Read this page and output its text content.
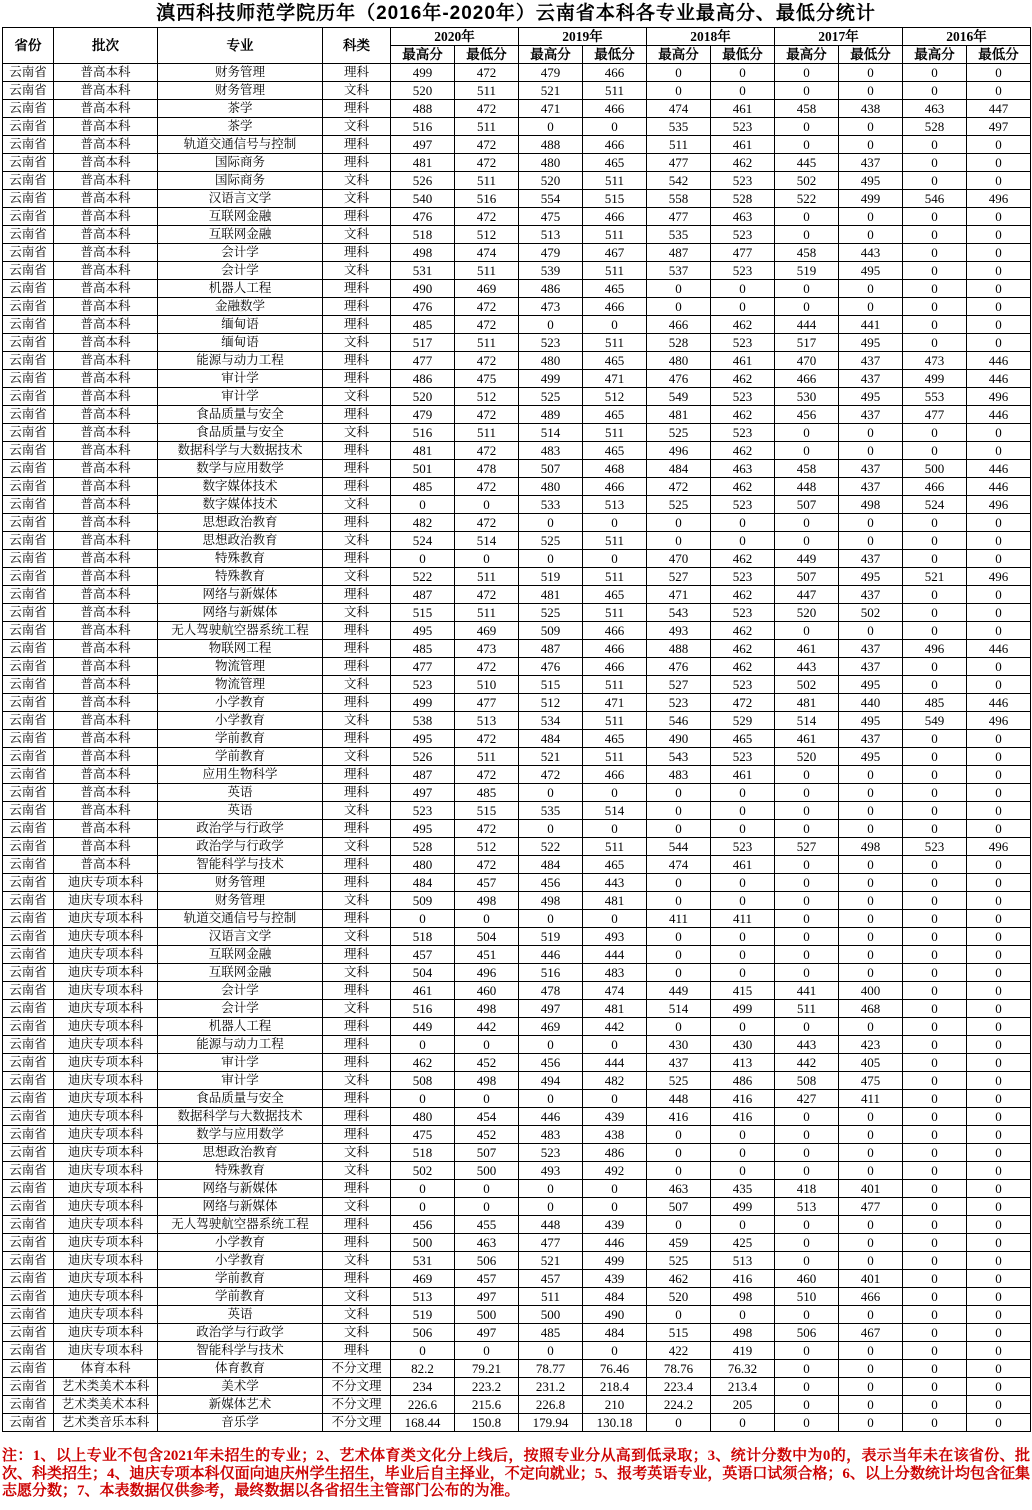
滇西科技师范学院历年（2016年-2020年）云南省本科各专业最高分、最低分统计
省份	批次	专业	科类	2020年		2019年		2018年		2017年		2016年	
				最高分	最低分	最高分	最低分	最高分	最低分	最高分	最低分	最高分	最低分
云南省	普高本科	财务管理	理科	499	472	479	466	0	0	0	0	0	0
云南省	普高本科	财务管理	文科	520	511	521	511	0	0	0	0	0	0
云南省	普高本科	茶学	理科	488	472	471	466	474	461	458	438	463	447
云南省	普高本科	茶学	文科	516	511	0	0	535	523	0	0	528	497
云南省	普高本科	轨道交通信号与控制	理科	497	472	488	466	511	461	0	0	0	0
云南省	普高本科	国际商务	理科	481	472	480	465	477	462	445	437	0	0
云南省	普高本科	国际商务	文科	526	511	520	511	542	523	502	495	0	0
云南省	普高本科	汉语言文学	文科	540	516	554	515	558	528	522	499	546	496
云南省	普高本科	互联网金融	理科	476	472	475	466	477	463	0	0	0	0
云南省	普高本科	互联网金融	文科	518	512	513	511	535	523	0	0	0	0
云南省	普高本科	会计学	理科	498	474	479	467	487	477	458	443	0	0
云南省	普高本科	会计学	文科	531	511	539	511	537	523	519	495	0	0
云南省	普高本科	机器人工程	理科	490	469	486	465	0	0	0	0	0	0
云南省	普高本科	金融数学	理科	476	472	473	466	0	0	0	0	0	0
云南省	普高本科	缅甸语	理科	485	472	0	0	466	462	444	441	0	0
云南省	普高本科	缅甸语	文科	517	511	523	511	528	523	517	495	0	0
云南省	普高本科	能源与动力工程	理科	477	472	480	465	480	461	470	437	473	446
云南省	普高本科	审计学	理科	486	475	499	471	476	462	466	437	499	446
云南省	普高本科	审计学	文科	520	512	525	512	549	523	530	495	553	496
云南省	普高本科	食品质量与安全	理科	479	472	489	465	481	462	456	437	477	446
云南省	普高本科	食品质量与安全	文科	516	511	514	511	525	523	0	0	0	0
云南省	普高本科	数据科学与大数据技术	理科	481	472	483	465	496	462	0	0	0	0
云南省	普高本科	数学与应用数学	理科	501	478	507	468	484	463	458	437	500	446
云南省	普高本科	数字媒体技术	理科	485	472	480	466	472	462	448	437	466	446
云南省	普高本科	数字媒体技术	文科	0	0	533	513	525	523	507	498	524	496
云南省	普高本科	思想政治教育	理科	482	472	0	0	0	0	0	0	0	0
云南省	普高本科	思想政治教育	文科	524	514	525	511	0	0	0	0	0	0
云南省	普高本科	特殊教育	理科	0	0	0	0	470	462	449	437	0	0
云南省	普高本科	特殊教育	文科	522	511	519	511	527	523	507	495	521	496
云南省	普高本科	网络与新媒体	理科	487	472	481	465	471	462	447	437	0	0
云南省	普高本科	网络与新媒体	文科	515	511	525	511	543	523	520	502	0	0
云南省	普高本科	无人驾驶航空器系统工程	理科	495	469	509	466	493	462	0	0	0	0
云南省	普高本科	物联网工程	理科	485	473	487	466	488	462	461	437	496	446
云南省	普高本科	物流管理	理科	477	472	476	466	476	462	443	437	0	0
云南省	普高本科	物流管理	文科	523	510	515	511	527	523	502	495	0	0
云南省	普高本科	小学教育	理科	499	477	512	471	523	472	481	440	485	446
云南省	普高本科	小学教育	文科	538	513	534	511	546	529	514	495	549	496
云南省	普高本科	学前教育	理科	495	472	484	465	490	465	461	437	0	0
云南省	普高本科	学前教育	文科	526	511	521	511	543	523	520	495	0	0
云南省	普高本科	应用生物科学	理科	487	472	472	466	483	461	0	0	0	0
云南省	普高本科	英语	理科	497	485	0	0	0	0	0	0	0	0
云南省	普高本科	英语	文科	523	515	535	514	0	0	0	0	0	0
云南省	普高本科	政治学与行政学	理科	495	472	0	0	0	0	0	0	0	0
云南省	普高本科	政治学与行政学	文科	528	512	522	511	544	523	527	498	523	496
云南省	普高本科	智能科学与技术	理科	480	472	484	465	474	461	0	0	0	0
云南省	迪庆专项本科	财务管理	理科	484	457	456	443	0	0	0	0	0	0
云南省	迪庆专项本科	财务管理	文科	509	498	498	481	0	0	0	0	0	0
云南省	迪庆专项本科	轨道交通信号与控制	理科	0	0	0	0	411	411	0	0	0	0
云南省	迪庆专项本科	汉语言文学	文科	518	504	519	493	0	0	0	0	0	0
云南省	迪庆专项本科	互联网金融	理科	457	451	446	444	0	0	0	0	0	0
云南省	迪庆专项本科	互联网金融	文科	504	496	516	483	0	0	0	0	0	0
云南省	迪庆专项本科	会计学	理科	461	460	478	474	449	415	441	400	0	0
云南省	迪庆专项本科	会计学	文科	516	498	497	481	514	499	511	468	0	0
云南省	迪庆专项本科	机器人工程	理科	449	442	469	442	0	0	0	0	0	0
云南省	迪庆专项本科	能源与动力工程	理科	0	0	0	0	430	430	443	423	0	0
云南省	迪庆专项本科	审计学	理科	462	452	456	444	437	413	442	405	0	0
云南省	迪庆专项本科	审计学	文科	508	498	494	482	525	486	508	475	0	0
云南省	迪庆专项本科	食品质量与安全	理科	0	0	0	0	448	416	427	411	0	0
云南省	迪庆专项本科	数据科学与大数据技术	理科	480	454	446	439	416	416	0	0	0	0
云南省	迪庆专项本科	数学与应用数学	理科	475	452	483	438	0	0	0	0	0	0
云南省	迪庆专项本科	思想政治教育	文科	518	507	523	486	0	0	0	0	0	0
云南省	迪庆专项本科	特殊教育	文科	502	500	493	492	0	0	0	0	0	0
云南省	迪庆专项本科	网络与新媒体	理科	0	0	0	0	463	435	418	401	0	0
云南省	迪庆专项本科	网络与新媒体	文科	0	0	0	0	507	499	513	477	0	0
云南省	迪庆专项本科	无人驾驶航空器系统工程	理科	456	455	448	439	0	0	0	0	0	0
云南省	迪庆专项本科	小学教育	理科	500	463	477	446	459	425	0	0	0	0
云南省	迪庆专项本科	小学教育	文科	531	506	521	499	525	513	0	0	0	0
云南省	迪庆专项本科	学前教育	理科	469	457	457	439	462	416	460	401	0	0
云南省	迪庆专项本科	学前教育	文科	513	497	511	484	520	498	510	466	0	0
云南省	迪庆专项本科	英语	文科	519	500	500	490	0	0	0	0	0	0
云南省	迪庆专项本科	政治学与行政学	文科	506	497	485	484	515	498	506	467	0	0
云南省	迪庆专项本科	智能科学与技术	理科	0	0	0	0	422	419	0	0	0	0
云南省	体育本科	体育教育	不分文理	82.2	79.21	78.77	76.46	78.76	76.32	0	0	0	0
云南省	艺术类美术本科	美术学	不分文理	234	223.2	231.2	218.4	223.4	213.4	0	0	0	0
云南省	艺术类美术本科	新媒体艺术	不分文理	226.6	215.6	226.8	210	224.2	205	0	0	0	0
云南省	艺术类音乐本科	音乐学	不分文理	168.44	150.8	179.94	130.18	0	0	0	0	0	0
注：1、以上专业不包含2021年未招生的专业；2、艺术体育类文化分上线后，按照专业分从高到低录取；3、统计分数中为0的，表示当年未在该省份、批次、科类招生；4、迪庆专项本科仅面向迪庆州学生招生，毕业后自主择业，不定向就业；5、报考英语专业，英语口试须合格；6、以上分数统计均包含征集志愿分数；7、本表数据仅供参考，最终数据以各省招生主管部门公布的为准。
